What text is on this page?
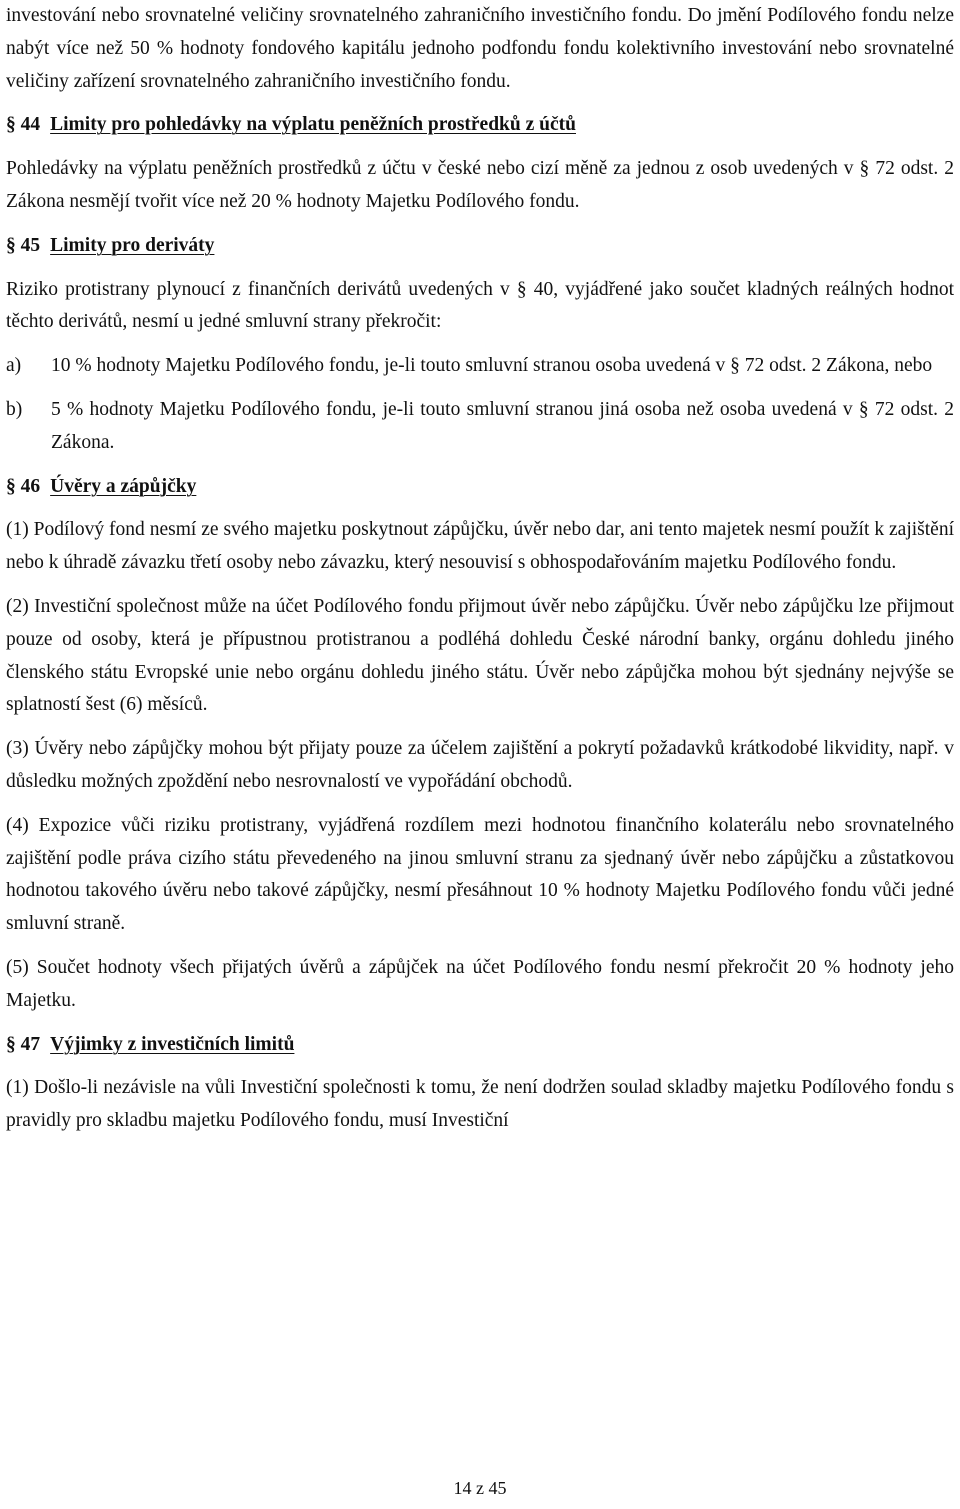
investování nebo srovnatelné veličiny srovnatelného zahraničního investičního fondu. Do jmění Podílového fondu nelze nabýt více než 50 % hodnoty fondového kapitálu jednoho podfondu fondu kolektivního investování nebo srovnatelné veličiny zařízení srovnatelného zahraničního investičního fondu.

§ 44 Limity pro pohledávky na výplatu peněžních prostředků z účtů

Pohledávky na výplatu peněžních prostředků z účtu v české nebo cizí měně za jednou z osob uvedených v § 72 odst. 2 Zákona nesmějí tvořit více než 20 % hodnoty Majetku Podílového fondu.

§ 45 Limity pro deriváty

Riziko protistrany plynoucí z finančních derivátů uvedených v § 40, vyjádřené jako součet kladných reálných hodnot těchto derivátů, nesmí u jedné smluvní strany překročit:

a) 10 % hodnoty Majetku Podílového fondu, je-li touto smluvní stranou osoba uvedená v § 72 odst. 2 Zákona, nebo

b) 5 % hodnoty Majetku Podílového fondu, je-li touto smluvní stranou jiná osoba než osoba uvedená v § 72 odst. 2 Zákona.

§ 46 Úvěry a zápůjčky

(1) Podílový fond nesmí ze svého majetku poskytnout zápůjčku, úvěr nebo dar, ani tento majetek nesmí použít k zajištění nebo k úhradě závazku třetí osoby nebo závazku, který nesouvisí s obhospodařováním majetku Podílového fondu.

(2) Investiční společnost může na účet Podílového fondu přijmout úvěr nebo zápůjčku. Úvěr nebo zápůjčku lze přijmout pouze od osoby, která je přípustnou protistranou a podléhá dohledu České národní banky, orgánu dohledu jiného členského státu Evropské unie nebo orgánu dohledu jiného státu. Úvěr nebo zápůjčka mohou být sjednány nejvýše se splatností šest (6) měsíců.

(3) Úvěry nebo zápůjčky mohou být přijaty pouze za účelem zajištění a pokrytí požadavků krátkodobé likvidity, např. v důsledku možných zpoždění nebo nesrovnalostí ve vypořádání obchodů.

(4) Expozice vůči riziku protistrany, vyjádřená rozdílem mezi hodnotou finančního kolaterálu nebo srovnatelného zajištění podle práva cizího státu převedeného na jinou smluvní stranu za sjednaný úvěr nebo zápůjčku a zůstatkovou hodnotou takového úvěru nebo takové zápůjčky, nesmí přesáhnout 10 % hodnoty Majetku Podílového fondu vůči jedné smluvní straně.

(5) Součet hodnoty všech přijatých úvěrů a zápůjček na účet Podílového fondu nesmí překročit 20 % hodnoty jeho Majetku.

§ 47 Výjimky z investičních limitů

(1) Došlo-li nezávisle na vůli Investiční společnosti k tomu, že není dodržen soulad skladby majetku Podílového fondu s pravidly pro skladbu majetku Podílového fondu, musí Investiční

14 z 45
